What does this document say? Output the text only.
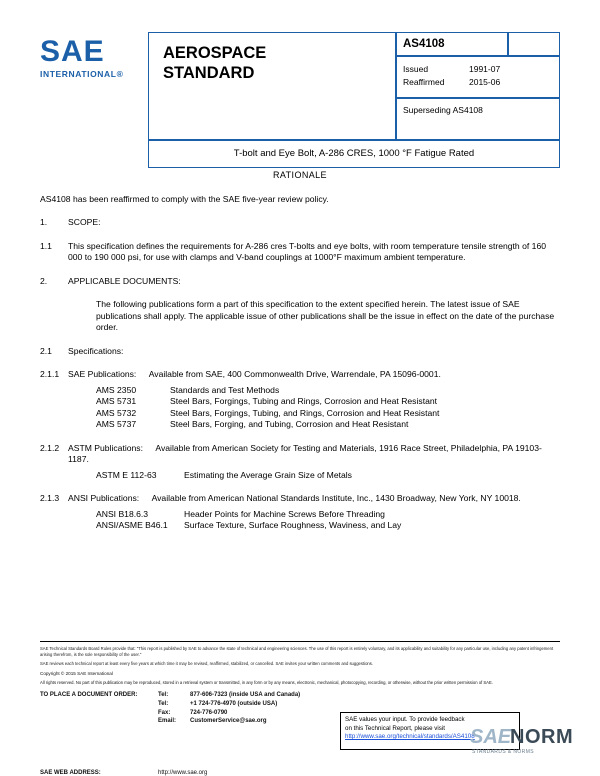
SAE
INTERNATIONAL®
AEROSPACE
STANDARD
AS4108
Issued	1991-07
Reaffirmed	2015-06
Superseding AS4108
T-bolt and Eye Bolt, A-286 CRES, 1000 °F Fatigue Rated
RATIONALE
AS4108 has been reaffirmed to comply with the SAE five-year review policy.
1. SCOPE:
1.1 This specification defines the requirements for A-286 cres T-bolts and eye bolts, with room temperature tensile strength of 160 000 to 190 000 psi, for use with clamps and V-band couplings at 1000°F maximum ambient temperature.
2. APPLICABLE DOCUMENTS:
The following publications form a part of this specification to the extent specified herein. The latest issue of SAE publications shall apply. The applicable issue of other publications shall be the issue in effect on the date of the purchase order.
2.1 Specifications:
2.1.1 SAE Publications: Available from SAE, 400 Commonwealth Drive, Warrendale, PA 15096-0001.
AMS 2350	Standards and Test Methods
AMS 5731	Steel Bars, Forgings, Tubing and Rings, Corrosion and Heat Resistant
AMS 5732	Steel Bars, Forgings, Tubing, and Rings, Corrosion and Heat Resistant
AMS 5737	Steel Bars, Forging, and Tubing, Corrosion and Heat Resistant
2.1.2 ASTM Publications: Available from American Society for Testing and Materials, 1916 Race Street, Philadelphia, PA 19103-1187.
ASTM E 112-63	Estimating the Average Grain Size of Metals
2.1.3 ANSI Publications: Available from American National Standards Institute, Inc., 1430 Broadway, New York, NY 10018.
ANSI B18.6.3	Header Points for Machine Screws Before Threading
ANSI/ASME B46.1 Surface Texture, Surface Roughness, Waviness, and Lay
SAE Technical Standards Board Rules provide that: "This report is published by SAE to advance the state of technical and engineering sciences. The use of this report is entirely voluntary, and its applicability and suitability for any particular use, including any patent infringement arising therefrom, is the sole responsibility of the user."
SAE reviews each technical report at least every five years at which time it may be revised, reaffirmed, stabilized, or cancelled. SAE invites your written comments and suggestions.
Copyright © 2015 SAE International
All rights reserved. No part of this publication may be reproduced, stored in a retrieval system or transmitted, in any form or by any means, electronic, mechanical, photocopying, recording, or otherwise, without the prior written permission of SAE.
TO PLACE A DOCUMENT ORDER:	Tel:	877-606-7323 (inside USA and Canada)
Tel:	+1 724-776-4970 (outside USA)
Fax:	724-776-0790
Email: CustomerService@sae.org
SAE WEB ADDRESS:	http://www.sae.org
SAE values your input. To provide feedback
on this Technical Report, please visit
http://www.sae.org/technical/standards/AS4108
SAE
NORM
STANDARDS & NORMS
